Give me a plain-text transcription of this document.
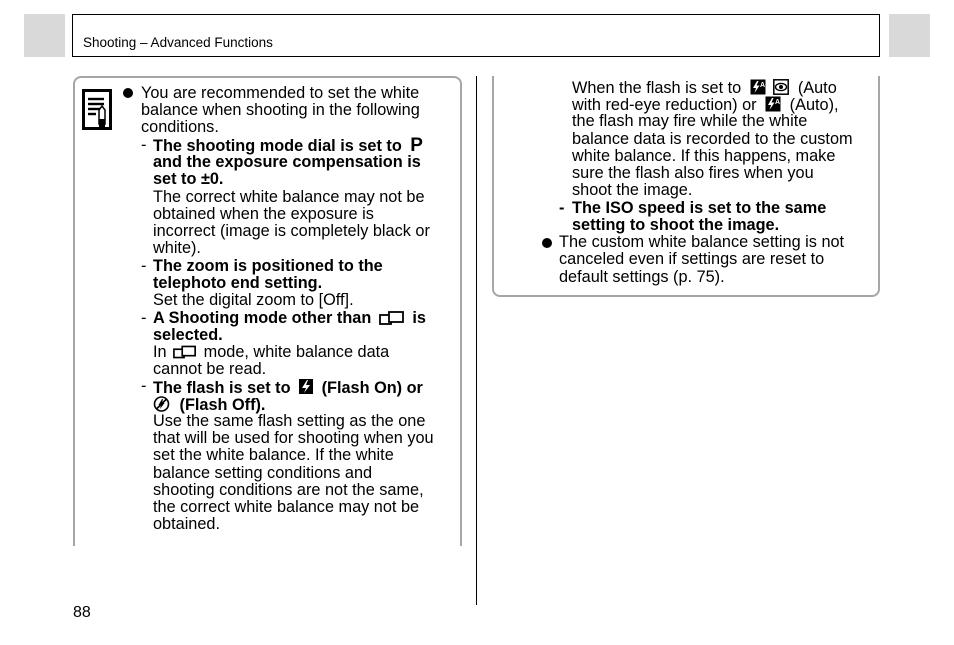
Shooting – Advanced Functions
88
You are recommended to set the white
balance when shooting in the following
conditions.
- The shooting mode dial is set to P
and the exposure compensation is
set to ±0.
The correct white balance may not be
obtained when the exposure is
incorrect (image is completely black or
white).
- The zoom is positioned to the
telephoto end setting.
Set the digital zoom to [Off].
- A Shooting mode other than	is
selected.
In mode, white balance data
cannot be read.
- The flash is set to (Flash On) or
(Flash Off).
Use the same flash setting as the one
that will be used for shooting when you
set the white balance. If the white
balance setting conditions and
shooting conditions are not the same,
the correct white balance may not be
obtained.
When the flash is set to	A (Auto
with red-eye reduction) or	A (Auto),
the flash may fire while the white
balance data is recorded to the custom
white balance. If this happens, make
sure the flash also fires when you
shoot the image.
- The ISO speed is set to the same
setting to shoot the image.
The custom white balance setting is not
canceled even if settings are reset to
default settings (p. 75).
